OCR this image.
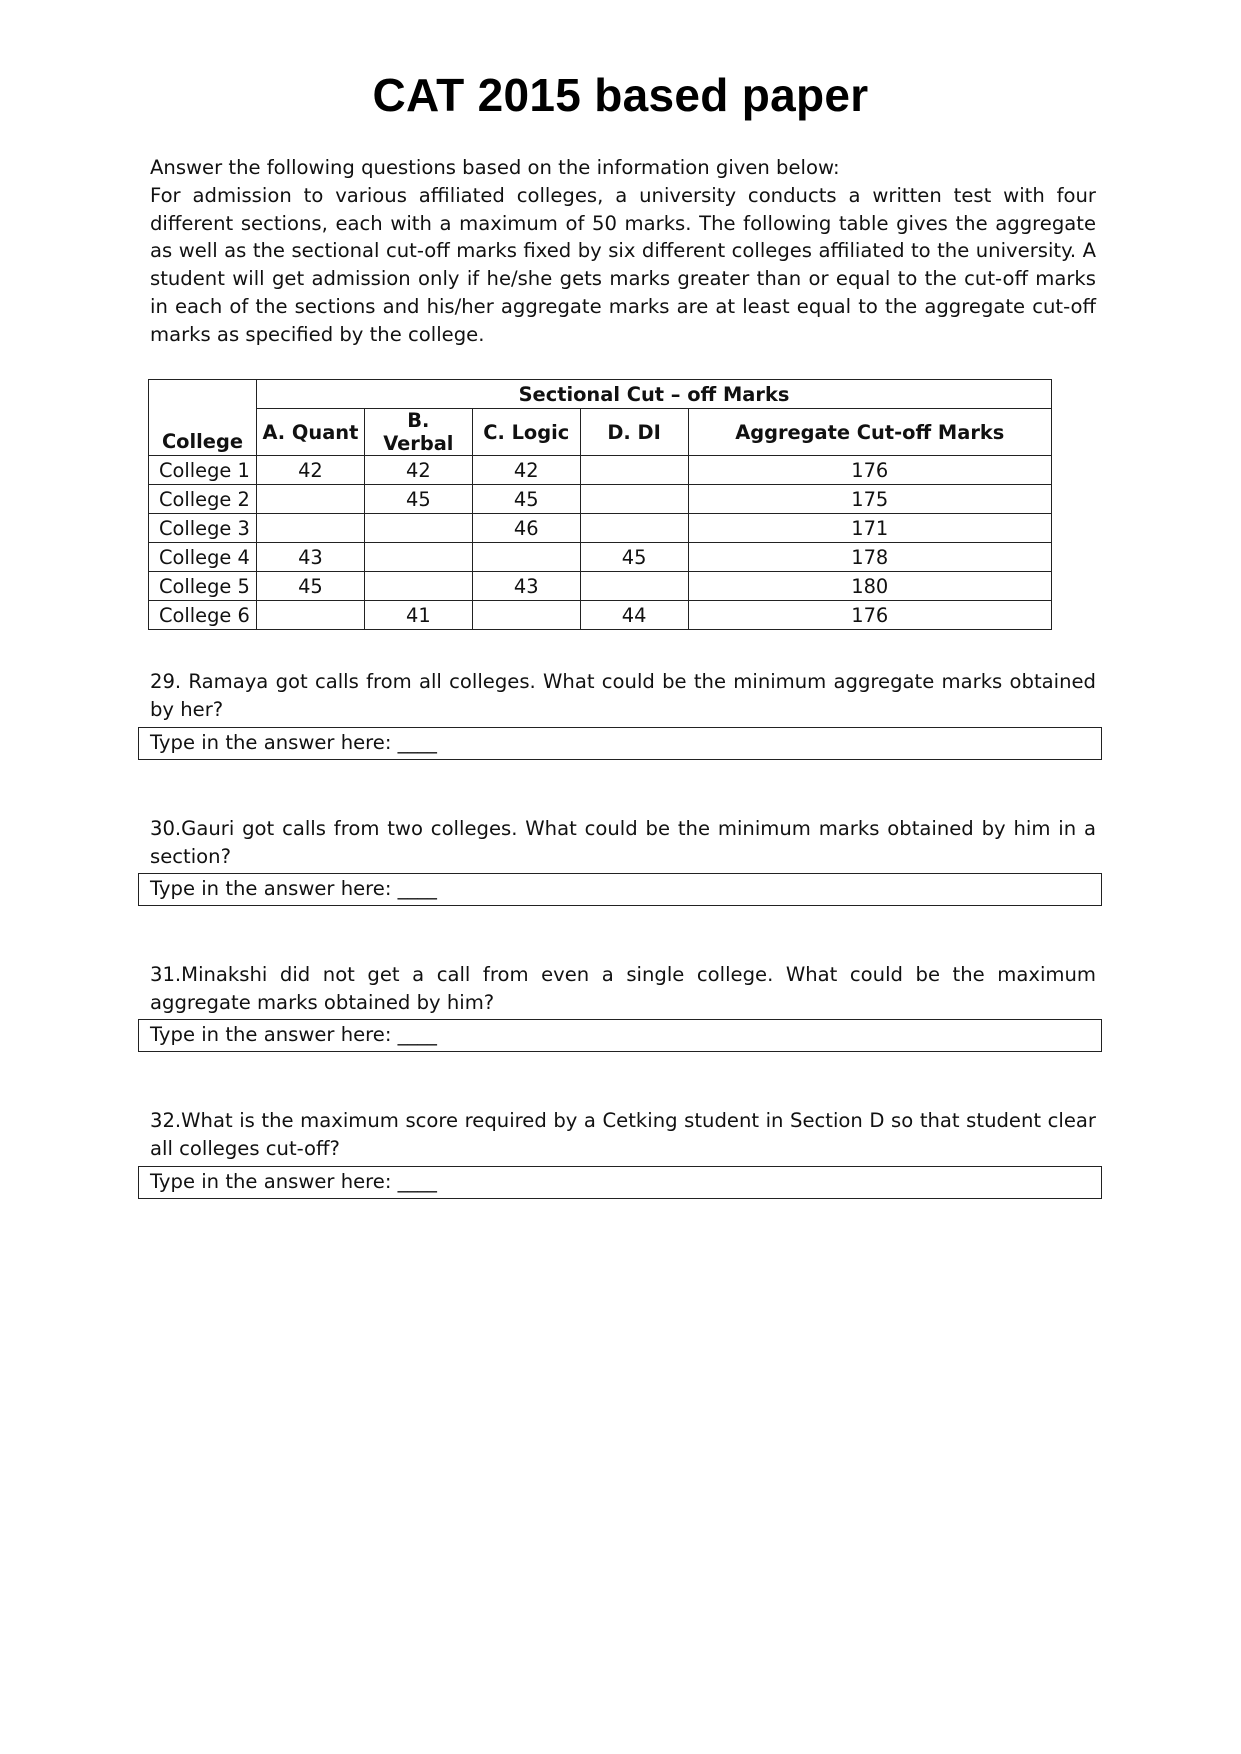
CAT 2015 based paper

Answer the following questions based on the information given below:

For admission to various affiliated colleges, a university conducts a written test with four different sections, each with a maximum of 50 marks. The following table gives the aggregate as well as the sectional cut-off marks fixed by six different colleges affiliated to the university. A student will get admission only if he/she gets marks greater than or equal to the cut-off marks in each of the sections and his/her aggregate marks are at least equal to the aggregate cut-off marks as specified by the college.

College	Sectional Cut – off Marks				
	A. Quant	B. Verbal	C. Logic	D. DI	Aggregate Cut-off Marks
College 1	42	42	42		176
College 2		45	45		175
College 3			46		171
College 4	43			45	178
College 5	45		43		180
College 6		41		44	176
29. Ramaya got calls from all colleges. What could be the minimum aggregate marks obtained by her?
Type in the answer here: ____
30.Gauri got calls from two colleges. What could be the minimum marks obtained by him in a section?
Type in the answer here: ____
31.Minakshi did not get a call from even a single college. What could be the maximum aggregate marks obtained by him?
Type in the answer here: ____
32.What is the maximum score required by a Cetking student in Section D so that student clear all colleges cut-off?
Type in the answer here: ____
